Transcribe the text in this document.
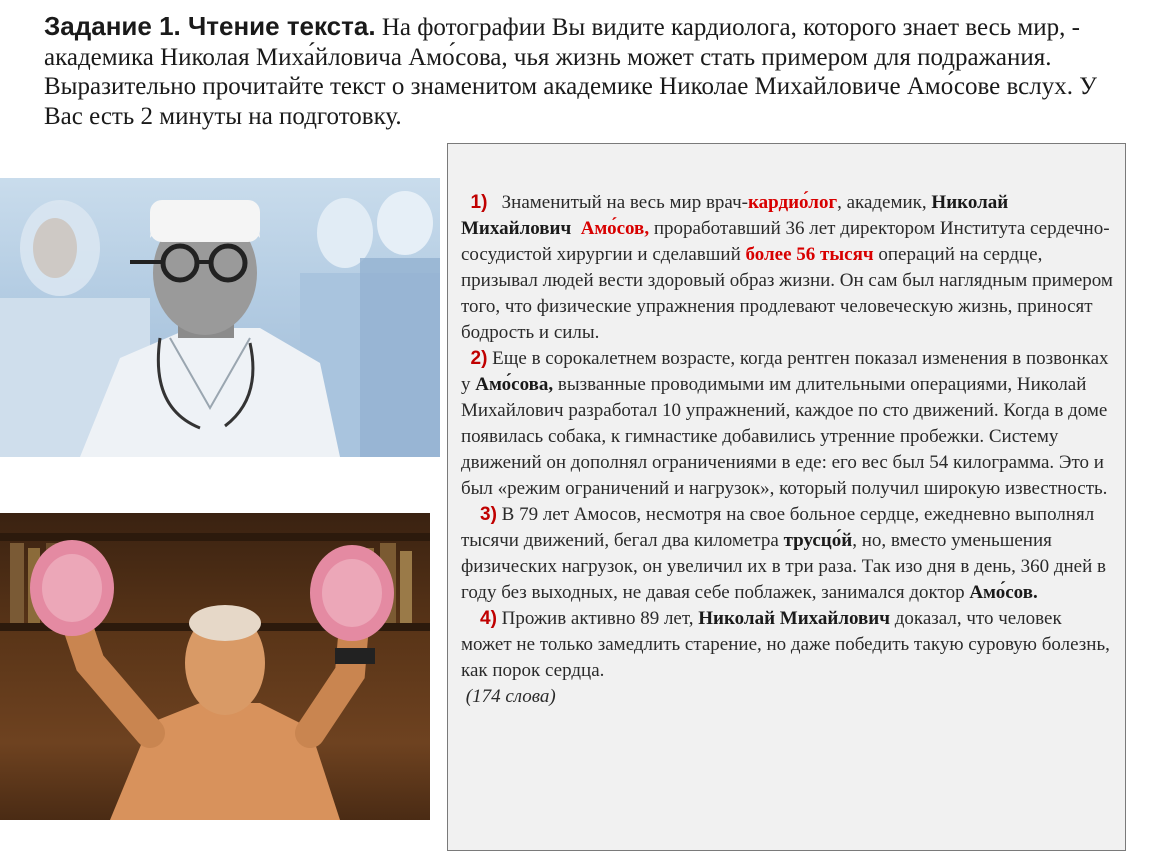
Задание 1. Чтение текста. На фотографии Вы видите кардиолога, которого знает весь мир, - академика Николая Миха́йловича Амо́сова, чья жизнь может стать примером для подражания. Выразительно прочитайте текст о знаменитом академике Николае Михайловиче Амо́сове вслух. У Вас есть 2 минуты на подготовку.

1) Знаменитый на весь мир врач-кардио́лог, академик, Николай Михайлович Амо́сов, проработавший 36 лет директором Института сердечно-сосудистой хирургии и сделавший более 56 тысяч операций на сердце, призывал людей вести здоровый образ жизни. Он сам был наглядным примером того, что физические упражнения продлевают человеческую жизнь, приносят бодрость и силы.

2) Еще в сорокалетнем возрасте, когда рентген показал изменения в позвонках у Амо́сова, вызванные проводимыми им длительными операциями, Николай Михайлович разработал 10 упражнений, каждое по сто движений. Когда в доме появилась собака, к гимнастике добавились утренние пробежки. Систему движений он дополнял ограничениями в еде: его вес был 54 килограмма. Это и был «режим ограничений и нагрузок», который получил широкую известность.

3) В 79 лет Амосов, несмотря на свое больное сердце, ежедневно выполнял тысячи движений, бегал два километра трусцо́й, но, вместо уменьшения физических нагрузок, он увеличил их в три раза. Так изо дня в день, 360 дней в году без выходных, не давая себе поблажек, занимался доктор Амо́сов.

4) Прожив активно 89 лет, Николай Михайлович доказал, что человек может не только замедлить старение, но даже победить такую суровую болезнь, как порок сердца.

(174 слова)
